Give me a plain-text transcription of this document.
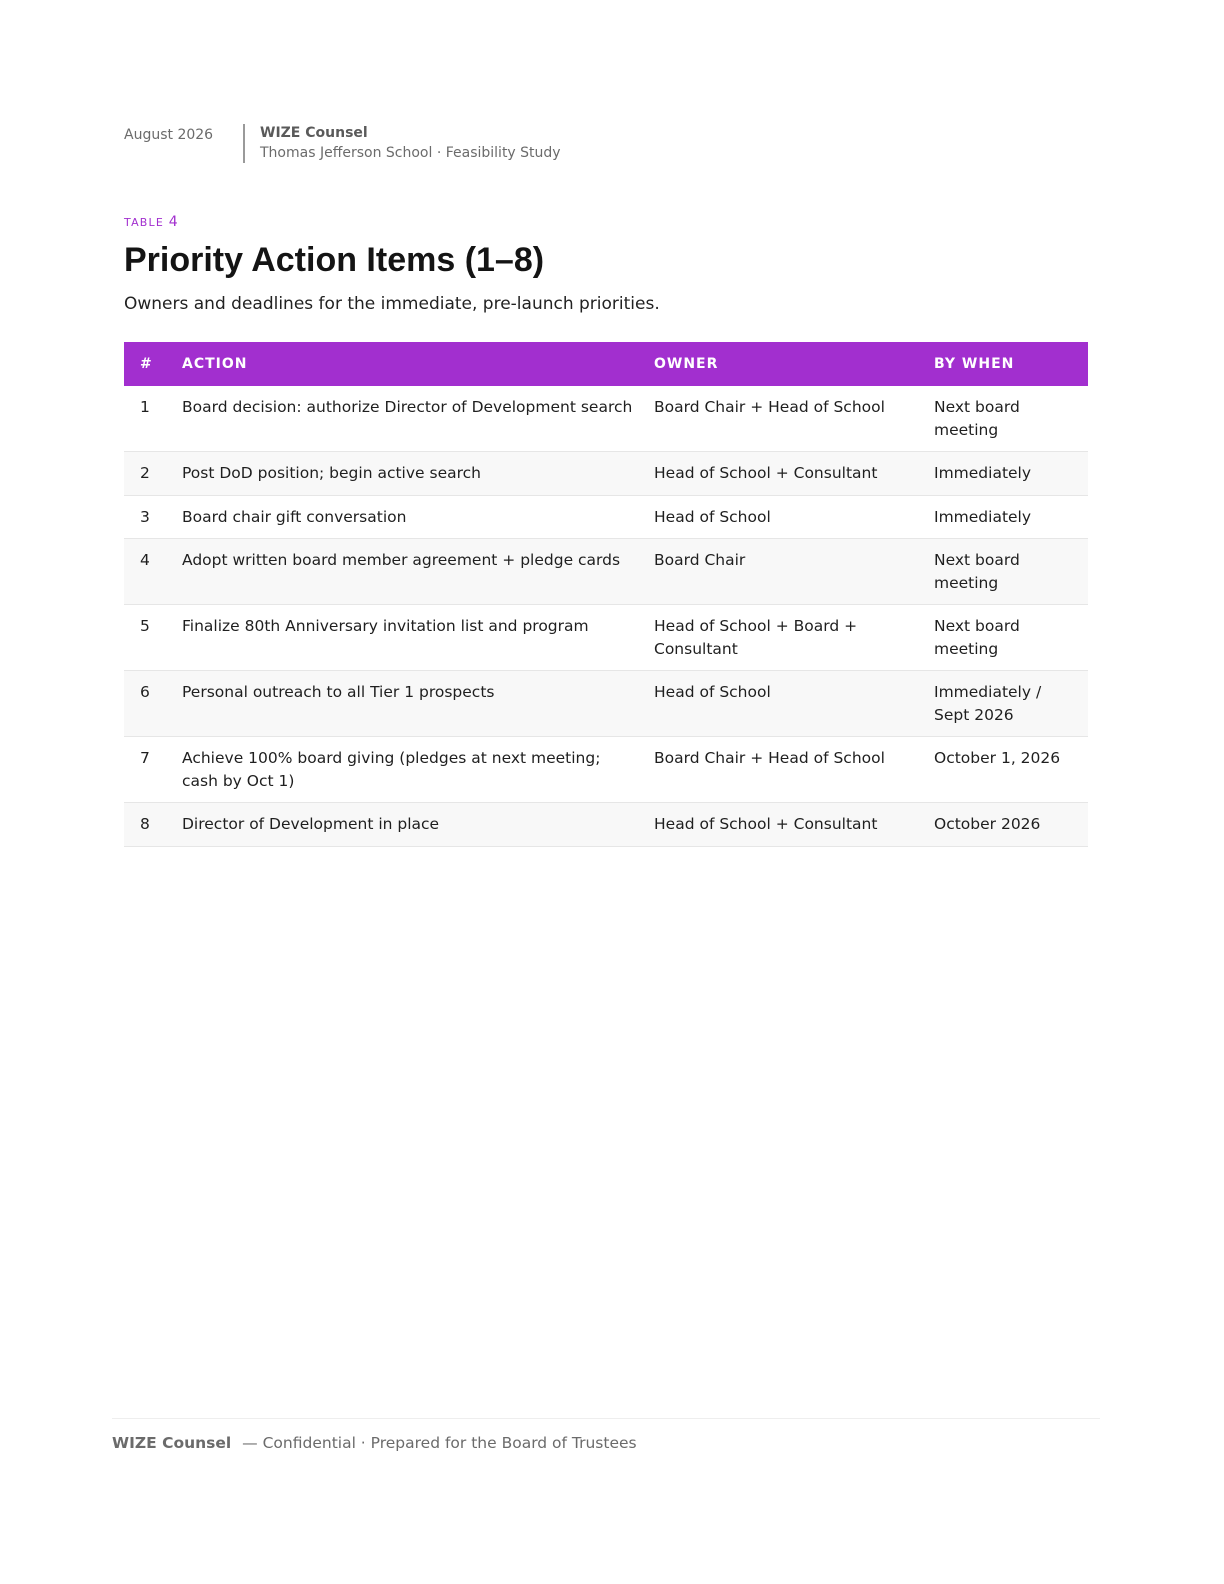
August 2026	WIZE Counsel
Thomas Jefferson School · Feasibility Study
TABLE 4
Priority Action Items (1–8)
Owners and deadlines for the immediate, pre-launch priorities.
#	ACTION	OWNER	BY WHEN
1	Board decision: authorize Director of Development search	Board Chair + Head of School	Next board meeting
2	Post DoD position; begin active search	Head of School + Consultant	Immediately
3	Board chair gift conversation	Head of School	Immediately
4	Adopt written board member agreement + pledge cards	Board Chair	Next board meeting
5	Finalize 80th Anniversary invitation list and program	Head of School + Board + Consultant	Next board meeting
6	Personal outreach to all Tier 1 prospects	Head of School	Immediately / Sept 2026
7	Achieve 100% board giving (pledges at next meeting; cash by Oct 1)	Board Chair + Head of School	October 1, 2026
8	Director of Development in place	Head of School + Consultant	October 2026
WIZE Counsel — Confidential · Prepared for the Board of Trustees
